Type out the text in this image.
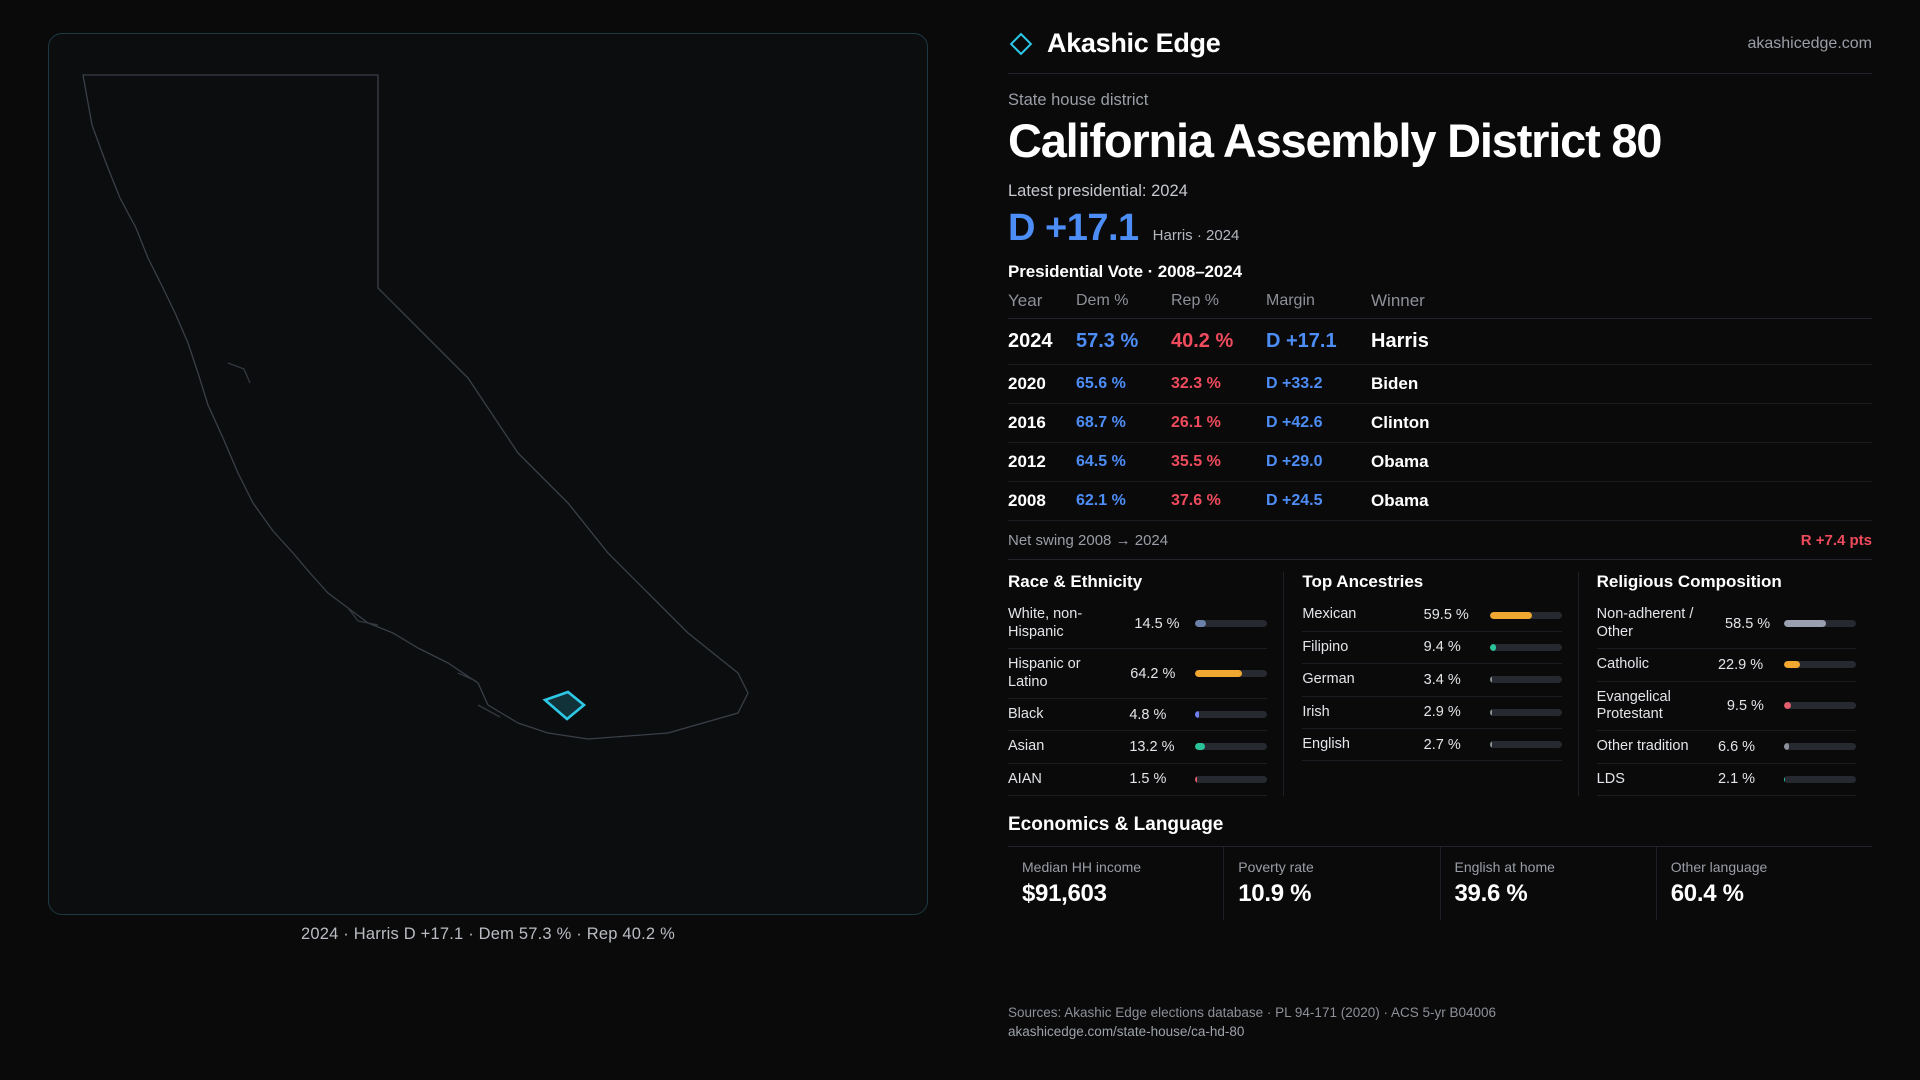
2024 · Harris D +17.1 · Dem 57.3 % · Rep 40.2 %
Akashic Edge	akashicedge.com
State house district
California Assembly District 80
Latest presidential: 2024
D +17.1 Harris · 2024
Presidential Vote · 2008–2024
Year	Dem %	Rep %	Margin	Winner
2024	57.3 %	40.2 %	D +17.1	Harris
2020	65.6 %	32.3 %	D +33.2	Biden
2016	68.7 %	26.1 %	D +42.6	Clinton
2012	64.5 %	35.5 %	D +29.0	Obama
2008	62.1 %	37.6 %	D +24.5	Obama
Net swing 2008 → 2024	R +7.4 pts
Race & Ethnicity
White, non-Hispanic	14.5 %
Hispanic or Latino	64.2 %
Black	4.8 %
Asian	13.2 %
AIAN	1.5 %
Top Ancestries
Mexican	59.5 %
Filipino	9.4 %
German	3.4 %
Irish	2.9 %
English	2.7 %
Religious Composition
Non-adherent / Other	58.5 %
Catholic	22.9 %
Evangelical Protestant	9.5 %
Other tradition	6.6 %
LDS	2.1 %
Economics & Language
Median HH income
$91,603
Poverty rate
10.9 %
English at home
39.6 %
Other language
60.4 %
Sources: Akashic Edge elections database · PL 94-171 (2020) · ACS 5-yr B04006
akashicedge.com/state-house/ca-hd-80
